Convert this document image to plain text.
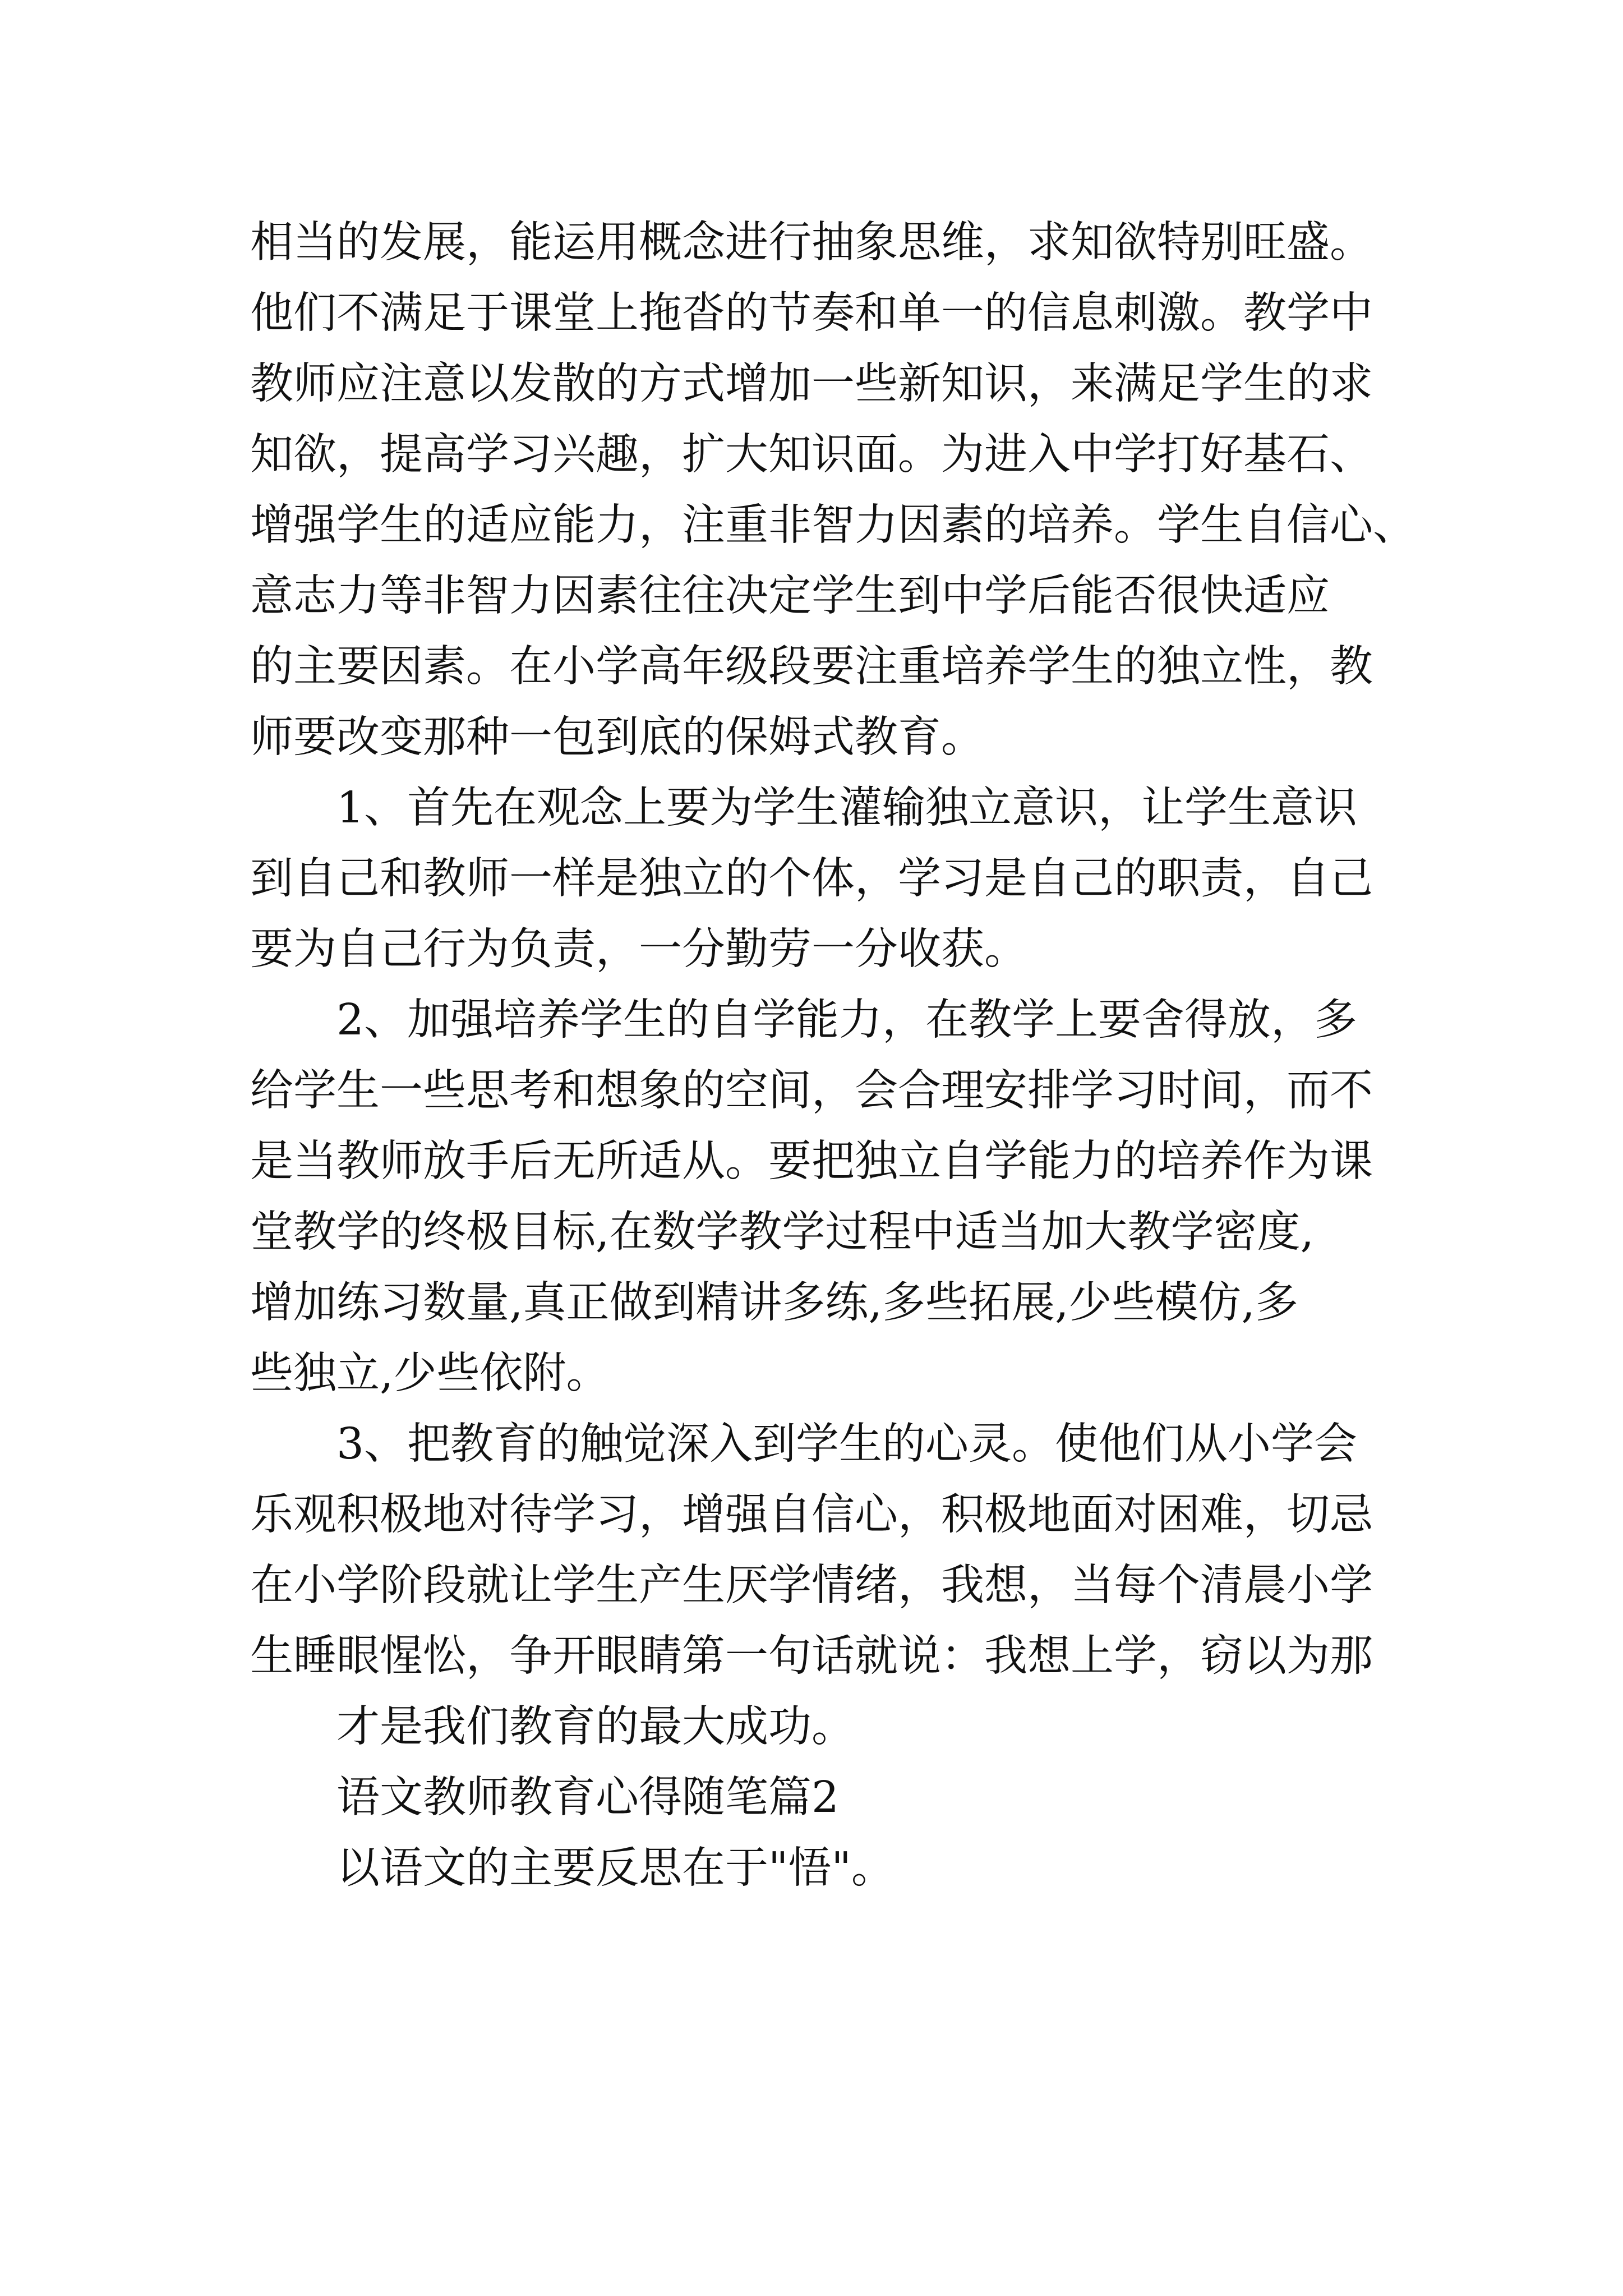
相当的发展，能运用概念进行抽象思维，求知欲特别旺盛。
他们不满足于课堂上拖沓的节奏和单一的信息刺激。教学中
教师应注意以发散的方式增加一些新知识，来满足学生的求
知欲，提高学习兴趣，扩大知识面。为进入中学打好基石、
增强学生的适应能力，注重非智力因素的培养。学生自信心、
意志力等非智力因素往往决定学生到中学后能否很快适应
的主要因素。在小学高年级段要注重培养学生的独立性，教
师要改变那种一包到底的保姆式教育。
1、首先在观念上要为学生灌输独立意识，让学生意识
到自己和教师一样是独立的个体，学习是自己的职责，自己
要为自己行为负责，一分勤劳一分收获。
2、加强培养学生的自学能力，在教学上要舍得放，多
给学生一些思考和想象的空间，会合理安排学习时间，而不
是当教师放手后无所适从。要把独立自学能力的培养作为课
堂教学的终极目标,在数学教学过程中适当加大教学密度,
增加练习数量,真正做到精讲多练,多些拓展,少些模仿,多
些独立,少些依附。
3、把教育的触觉深入到学生的心灵。使他们从小学会
乐观积极地对待学习，增强自信心，积极地面对困难，切忌
在小学阶段就让学生产生厌学情绪，我想，当每个清晨小学
生睡眼惺忪，争开眼睛第一句话就说：我想上学，窃以为那
才是我们教育的最大成功。
语文教师教育心得随笔篇2
以语文的主要反思在于"悟"。
